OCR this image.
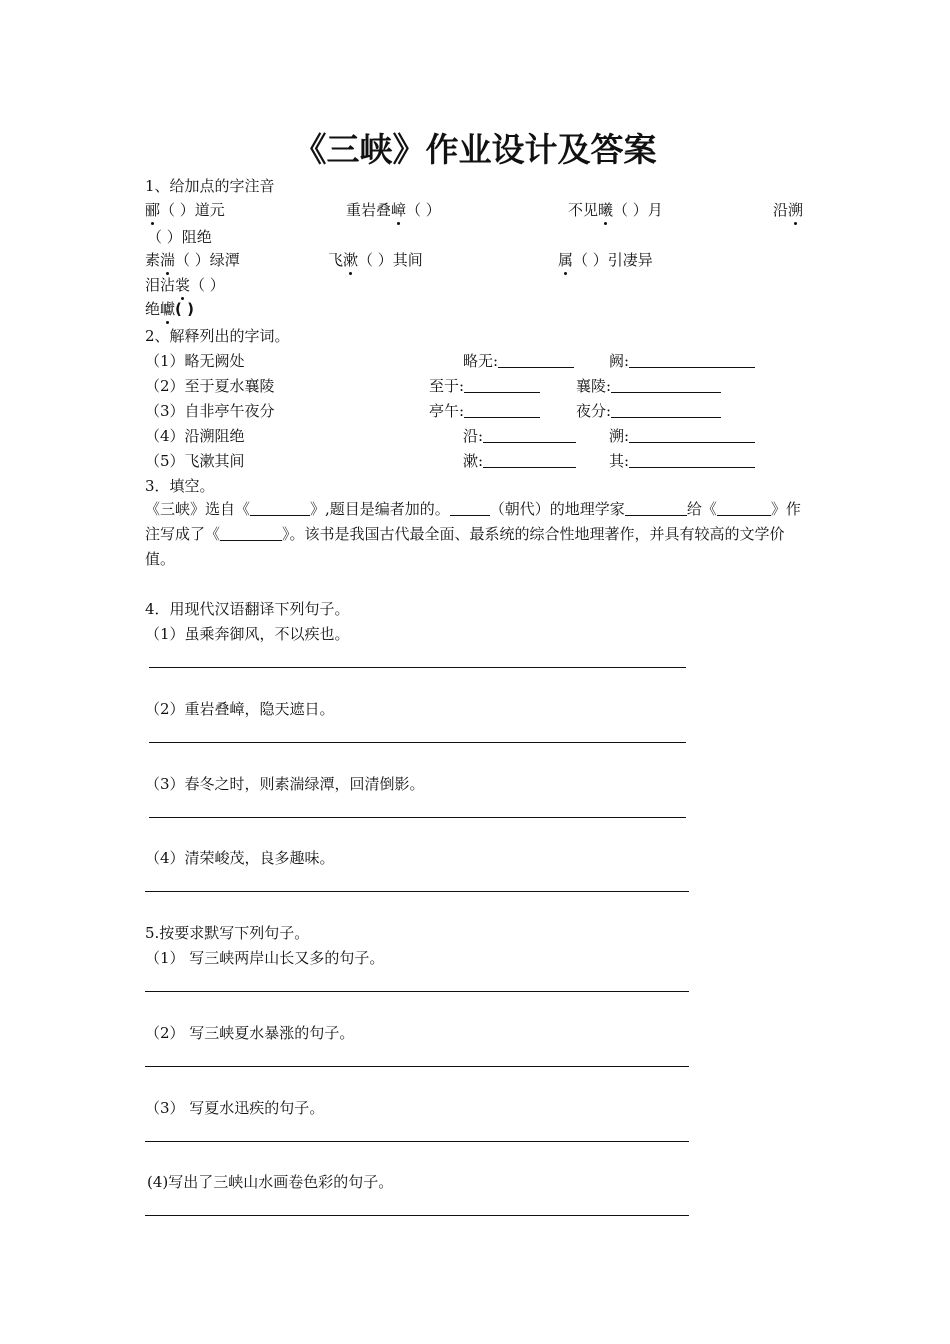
《三峡》作业设计及答案
1、给加点的字注音
郦（ ）道元	重岩叠嶂（ ）	不见曦（ ）月	沿溯
（ ）阻绝
素湍（ ）绿潭	飞漱（ ）其间	属（ ）引凄异
泪沾裳（ ）
绝巘( )
2、解释列出的字词。
（1）略无阙处	略无:	阙:
（2）至于夏水襄陵	至于:	襄陵:
（3）自非亭午夜分	亭午:	夜分:
（4）沿溯阻绝	沿:	溯:
（5）飞漱其间	漱:	其:
3．填空。
《三峡》选自《	》,题目是编者加的。	（朝代）的地理学家	给《	》作注写成了《	》。该书是我国古代最全面、最系统的综合性地理著作，并具有较高的文学价值。
4．用现代汉语翻译下列句子。
（1）虽乘奔御风，不以疾也。
（2）重岩叠嶂，隐天遮日。
（3）春冬之时，则素湍绿潭，回清倒影。
（4）清荣峻茂，良多趣味。
5.按要求默写下列句子。
（1） 写三峡两岸山长又多的句子。
（2） 写三峡夏水暴涨的句子。
（3） 写夏水迅疾的句子。
(4)写出了三峡山水画卷色彩的句子。
